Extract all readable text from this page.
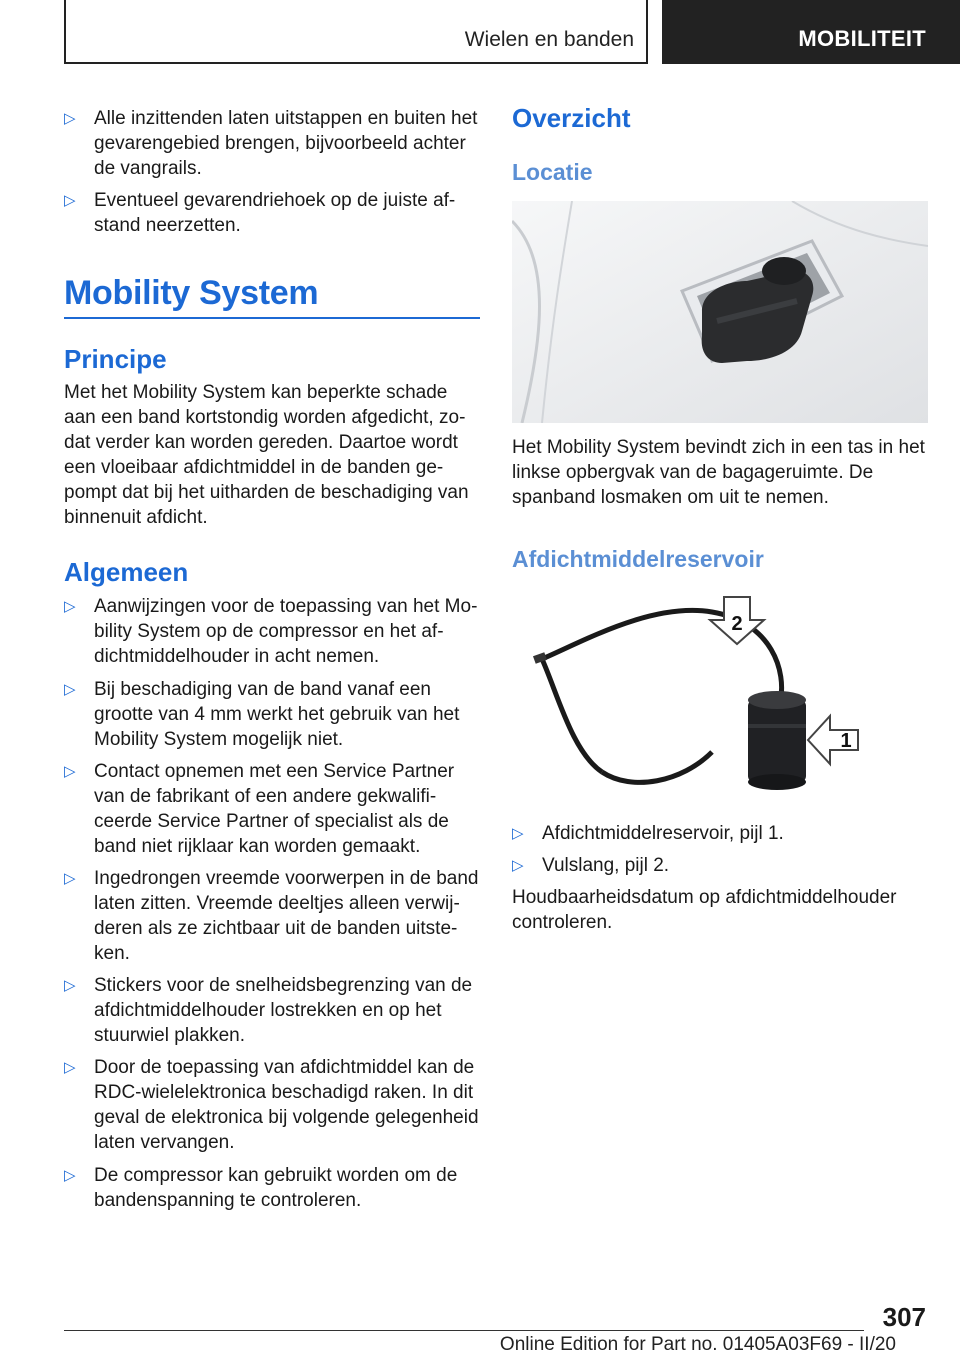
Wielen en banden	MOBILITEIT
▷ Alle inzittenden laten uitstappen en buiten het gevarengebied brengen, bijvoorbeeld achter de vangrails.
▷ Eventueel gevarendriehoek op de juiste afstand neerzetten.
Mobility System
Principe
Met het Mobility System kan beperkte schade aan een band kortstondig worden afgedicht, zodat verder kan worden gereden. Daartoe wordt een vloeibaar afdichtmiddel in de banden gepompt dat bij het uitharden de beschadiging van binnenuit afdicht.
Algemeen
▷ Aanwijzingen voor de toepassing van het Mobility System op de compressor en het afdichtmiddelhouder in acht nemen.
▷ Bij beschadiging van de band vanaf een grootte van 4 mm werkt het gebruik van het Mobility System mogelijk niet.
▷ Contact opnemen met een Service Partner van de fabrikant of een andere gekwalificeerde Service Partner of specialist als de band niet rijklaar kan worden gemaakt.
▷ Ingedrongen vreemde voorwerpen in de band laten zitten. Vreemde deeltjes alleen verwijderen als ze zichtbaar uit de banden uitsteken.
▷ Stickers voor de snelheidsbegrenzing van de afdichtmiddelhouder lostrekken en op het stuurwiel plakken.
▷ Door de toepassing van afdichtmiddel kan de RDC-wielelektronica beschadigd raken. In dit geval de elektronica bij volgende gelegenheid laten vervangen.
▷ De compressor kan gebruikt worden om de bandenspanning te controleren.
Overzicht
Locatie
Het Mobility System bevindt zich in een tas in het linkse opbergvak van de bagageruimte. De spanband losmaken om uit te nemen.
Afdichtmiddelreservoir
2
1
▷ Afdichtmiddelreservoir, pijl 1.
▷ Vulslang, pijl 2.
Houdbaarheidsdatum op afdichtmiddelhouder controleren.
307
Online Edition for Part no. 01405A03F69 - II/20
